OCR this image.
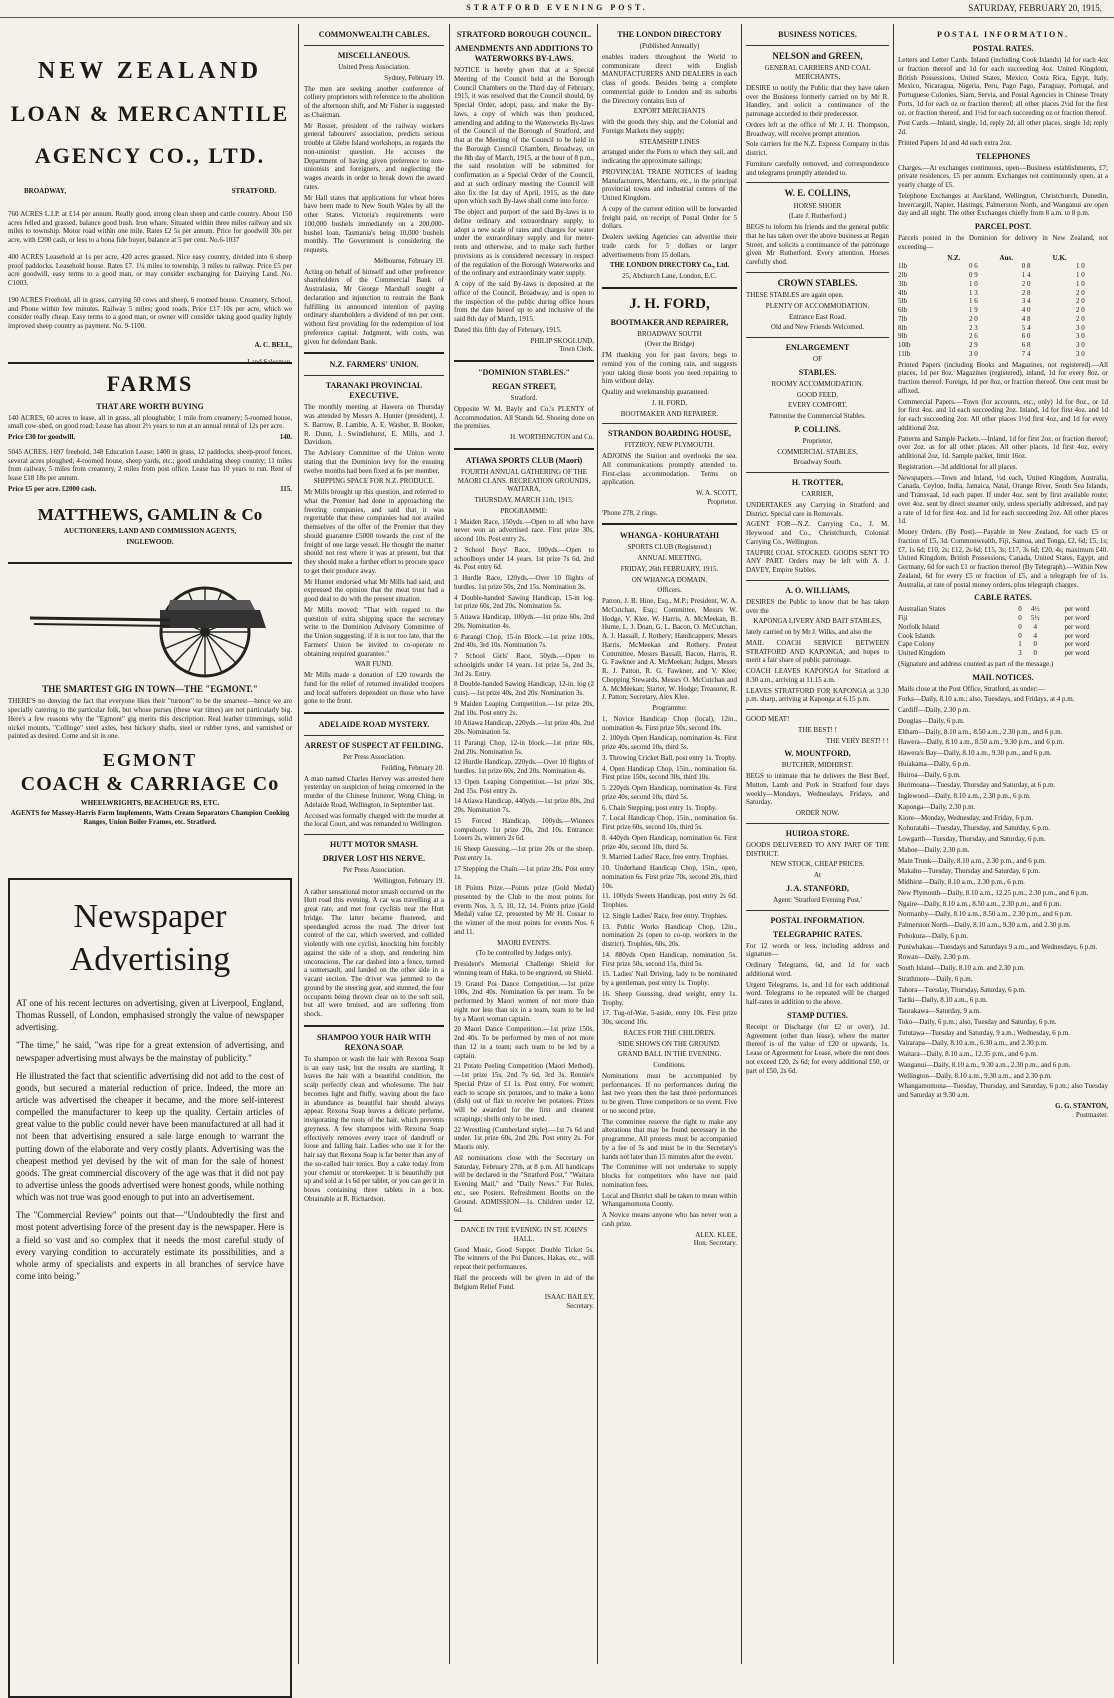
STRATFORD EVENING POST.	SATURDAY, FEBRUARY 20, 1915.
NEW ZEALAND
LOAN & MERCANTILE
AGENCY CO., LTD.
BROADWAY,	STRATFORD.

760 ACRES L.I.P. at £14 per annum. Really good, strong clean sheep and cattle country. About 150 acres felled and grassed, balance good bush. Iron whare. Situated within three miles railway and six miles to township. Motor road within one mile. Rates £2 5s per annum. Price for goodwill 30s per acre, with £200 cash, or less to a bona fide buyer, balance at 5 per cent. No.6-1037

400 ACRES Leasehold at 1s per acre, 420 acres grassed. Nice easy country, divided into 6 sheep proof paddocks. Leasehold house. Rates £7. 1¼ miles to township, 3 miles to railway. Price £5 per acre goodwill, easy terms to a good man, or may consider exchanging for Dairying Land. No. C1003.

190 ACRES Freehold, all in grass, carrying 50 cows and sheep, 6 roomed house. Creamery, School, and Phone within few minutes. Railway 5 miles; good roads. Price £17 10s per acre, which we consider really cheap. Easy terms to a good man, or owner will consider taking good quality lightly improved sheep country as payment. No. 9-1100.

A. C. BELL,
Land Salesman.
FARMS
THAT ARE WORTH BUYING

140 ACRES, 60 acres to lease, all in grass, all ploughable; 1 mile from creamery; 5-roomed house, small cow-shed, on good road; Lease has about 2½ years to run at an annual rental of 12s per acre.

Price £30 for goodwill.	140.

5045 ACRES, 1697 freehold, 348 Education Lease; 1400 in grass, 12 paddocks, sheep-proof fences, several acres ploughed; 4-roomed house, sheep yards, etc.; good undulating sheep country; 11 miles from railway, 5 miles from creamery, 2 miles from post office. Lease has 10 years to run. Rent of lease £18 18s per annum.

Price £5 per acre. £2000 cash.	115.
MATTHEWS, GAMLIN & Co
AUCTIONEERS, LAND AND COMMISSION AGENTS,
INGLEWOOD.
THE SMARTEST GIG IN TOWN—THE "EGMONT."

THERE'S no denying the fact that everyone likes their "turnout" to be the smartest—hence we are specially catering to the particular folk, but whose purses (these war times) are not particularly big. Here's a few reasons why the "Egmont" gig merits this description: Real leather trimmings, solid nickel mounts, "Collinge" steel axles, best hickory shafts, steel or rubber tyres, and varnished or painted as desired. Come and sit in one.

EGMONT
COACH & CARRIAGE Co
WHEELWRIGHTS, BEACHEUGE RS, ETC.
AGENTS for Massey-Harris Farm Implements, Watts Cream Separators Champion Cooking Ranges, Union Boiler Frames, etc. Stratford.
Newspaper
Advertising

AT one of his recent lectures on advertising, given at Liverpool, England, Thomas Russell, of London, emphasised strongly the value of newspaper advertising.

"The time," he said, "was ripe for a great extension of advertising, and newspaper advertising must always be the mainstay of publicity."

He illustrated the fact that scientific advertising did not add to the cost of goods, but secured a material reduction of price. Indeed, the more an article was advertised the cheaper it became, and the more self-interest compelled the manufacturer to keep up the quality. Certain articles of great value to the public could never have been manufactured at all had it not been that advertising ensured a sale large enough to warrant the putting down of the elaborate and very costly plants. Advertising was the cheapest method yet devised by the wit of man for the sale of honest goods. The great commercial discovery of the age was that it did not pay to advertise unless the goods advertised were honest goods, while nothing which was not true was good enough to put into an advertisement.

The "Commercial Review" points out that—"Undoubtedly the first and most potent advertising force of the present day is the newspaper. Here is a field so vast and so complex that it needs the most careful study of every varying condition to accurately estimate its possibilities, and a whole army of specialists and experts in all branches of service have come into being."

COMMONWEALTH CABLES.
MISCELLANEOUS.
United Press Association.
Sydney, February 19.

The men are seeking another conference of colliery proprietors with reference to the abolition of the afternoon shift, and Mr Fisher is suggested as Chairman.

Mr Rosser, president of the railway workers general labourers' association, predicts serious trouble at Glebe Island workshops, as regards the non-unionist question. He accuses the Department of having given preference to non-unionists and foreigners, and neglecting the wages awards in order to break down the award rates.

Mr Hall states that applications for wheat bores have been made to New South Wales by all the other States. Victoria's requirements were 100,000 bushels immediately on a 200,000-bushel loan, Tasmania's being 10,000 bushels monthly. The Government is considering the requests.

Melbourne, February 19.

Acting on behalf of himself and other preference shareholders of the Commercial Bank of Australasia, Mr George Marshall sought a declaration and injunction to restrain the Bank fulfilling its announced intention of paying ordinary shareholders a dividend of ten per cent. without first providing for the redemption of lost preference capital. Judgment, with costs, was given for defendant Bank.

N.Z. FARMERS' UNION.
TARANAKI PROVINCIAL EXECUTIVE.

The monthly meeting at Hawera on Thursday was attended by Messrs A. Hunter (president), J. S. Barrow, R. Lambie, A. E. Washer, B. Booker, R. Dunn, J. Swindlehurst, E. Mills, and J. Davidson.

The Advisory Committee of the Union wrote stating that the Dominion levy for the ensuing twelve months had been fixed at 6s per member.

SHIPPING SPACE FOR N.Z. PRODUCE.

Mr Mills brought up this question, and referred to what the Premier had done in approaching the freezing companies, and said that it was regrettable that these companies had not availed themselves of the offer of the Premier that they should guarantee £5000 towards the cost of the freight of one large vessel. He thought the matter should not rest where it was at present, but that they should make a further effort to procure space to get their produce away.

Mr Hunter endorsed what Mr Mills had said, and expressed the opinion that the meat trust had a good deal to do with the present situation.

Mr Mills moved: "That with regard to the question of extra shipping space the secretary write to the Dominion Advisory Committee of the Union suggesting, if it is not too late, that the Farmers' Union be invited to co-operate re obtaining required guarantee."

WAR FUND.

Mr Mills made a donation of £20 towards the fund for the relief of returned invalided troopers and local sufferers dependent on those who have gone to the front.

ADELAIDE ROAD MYSTERY.
ARREST OF SUSPECT AT FEILDING.
Per Press Association.
Feilding, February 20.

A man named Charles Hervey was arrested here yesterday on suspicion of being concerned in the murder of the Chinese fruiterer, Wong Ching, in Adelaide Road, Wellington, in September last.

Accused was formally charged with the murder at the local Court, and was remanded to Wellington.

HUTT MOTOR SMASH.
DRIVER LOST HIS NERVE.
Per Press Association.
Wellington, February 19.

A rather sensational motor smash occurred on the Hutt road this evening. A car was travelling at a great rate, and met four cyclists near the Hutt bridge. The latter became flustered, and speedangled across the road. The driver lost control of the car, which swerved, and collided violently with one cyclist, knocking him forcibly against the side of a shop, and rendering him unconscious. The car dashed into a fence, turned a somersault, and landed on the other side in a vacant section. The driver was jammed to the ground by the steering gear, and stunned, the four occupants being thrown clear on to the soft soil, but all were bruised, and are suffering from shock.

SHAMPOO YOUR HAIR WITH REXONA SOAP.

To shampoo or wash the hair with Rexona Soap is an easy task, but the results are startling. It leaves the hair with a beautiful condition, the scalp perfectly clean and wholesome. The hair becomes light and fluffy, waving about the face in abundance as beautiful hair should always appear. Rexona Soap leaves a delicate perfume, invigorating the roots of the hair, which prevents greyness. A few shampoos with Rexona Soap effectively removes every trace of dandruff or loose and falling hair. Ladies who use it for the hair say that Rexona Soap is far better than any of the so-called hair tonics. Buy a cake today from your chemist or storekeeper. It is beautifully put up and sold at 1s 6d per tablet, or you can get it in boxes containing three tablets in a box. Obtainable at R. Richardson.

STRATFORD BOROUGH COUNCIL.
AMENDMENTS AND ADDITIONS TO WATERWORKS BY-LAWS.

NOTICE is hereby given that at a Special Meeting of the Council held at the Borough Council Chambers on the Third day of February, 1915, it was resolved that the Council should, by Special Order, adopt, pass, and make the By-laws, a copy of which was then produced, amending and adding to the Waterworks By-laws of the Council of the Borough of Stratford, and that at the Meeting of the Council to be held in the Borough Council Chambers, Broadway, on the 8th day of March, 1915, at the hour of 8 p.m., the said resolution will be submitted for confirmation as a Special Order of the Council, and at such ordinary meeting the Council will also fix the 1st day of April, 1915, as the date upon which such By-laws shall come into force.

The object and purport of the said By-laws is to define ordinary and extraordinary supply, to adopt a new scale of rates and charges for water under the extraordinary supply and for meter-rents and otherwise, and to make such further provisions as is considered necessary in respect of the regulation of the Borough Waterworks and of the ordinary and extraordinary water supply.

A copy of the said By-laws is deposited at the office of the Council, Broadway, and is open to the inspection of the public during office hours from the date hereof up to and inclusive of the said 8th day of March, 1915.

Dated this fifth day of February, 1915.

PHILIP SKOGLUND,
Town Clerk.
"DOMINION STABLES."
REGAN STREET,
Stratford.

Opposite W. M. Bayly and Co.'s PLENTY of Accommodation. All Stands 6d. Shoeing done on the premises.

H. WORTHINGTON and Co.
ATIAWA SPORTS CLUB (Maori)
FOURTH ANNUAL GATHERING OF THE MAORI CLANS. RECREATION GROUNDS, WAITARA,
THURSDAY, MARCH 11th, 1915.
PROGRAMME:

1 Maiden Race, 150yds.—Open to all who have never won an advertised race. First prize 30s, second 10s. Post entry 2s.

2 School Boys' Race, 100yds.—Open to schoolboys under 14 years. 1st prize 7s 6d, 2nd 4s. Post entry 6d.

3 Hurdle Race, 120yds.—Over 10 flights of hurdles. 1st prize 50s, 2nd 15s. Nomination 3s.

4 Double-handed Sawing Handicap, 15-in log. 1st prize 60s, 2nd 20s. Nomination 5s.

5 Atiawa Handicap, 100yds.—1st prize 60s, 2nd 20s. Nomination 4s.

6 Parangi Chop, 15-in Block.—1st prize 100s, 2nd 40s, 3rd 10s. Nomination 7s.

7 School Girls' Race, 50yds.—Open to schoolgirls under 14 years. 1st prize 5s, 2nd 3s, 3rd 2s. Entry.

8 Double-handed Sawing Handicap, 12-in. log (2 cuts).—1st prize 40s, 2nd 20s. Nomination 3s.

9 Maiden Leaping Competition.—1st prize 20s, 2nd 10s. Post entry 2s.

10 Atiawa Handicap, 220yds.—1st prize 40s, 2nd 20s. Nomination 5s.

11 Parangi Chop, 12-in block.—1st prize 60s, 2nd 20s. Nomination 5s.

12 Hurdle Handicap, 220yds.—Over 10 flights of hurdles. 1st prize 60s, 2nd 20s. Nomination 4s.

13 Open Leaping Competition.—1st prize 30s, 2nd 15s. Post entry 2s.

14 Atiawa Handicap, 440yds.—1st prize 80s, 2nd 20s. Nomination 7s.

15 Forced Handicap, 100yds.—Winners compulsory. 1st prize 20s, 2nd 10s. Entrance: Losers 2s, winners 2s 6d.

16 Sheep Guessing.—1st prize 20s or the sheep. Post entry 1s.

17 Stepping the Chain.—1st prize 20s. Post entry 1s.

18 Points Prize.—Points prize (Gold Medal) presented by the Club to the most points for events Nos. 3, 5, 10, 12, 14. Points prize (Gold Medal) value £2, presented by Mr H. Cossar to the winner of the most points for events Nos. 6 and 11.

MAORI EVENTS.
(To be controlled by Judges only).

President's Memorial Challenge Shield for winning team of Haka, to be engraved, on Shield.

19 Grand Poi Dance Competition.—1st prize 100s, 2nd 40s. Nomination 6s per team. To be performed by Maori women of not more than eight nor less than six in a team, team to be led by a Maori woman captain.

20 Maori Dance Competition.—1st prize 150s, 2nd 40s. To be performed by men of not more than 12 in a team; each team to be led by a captain.

21 Potato Peeling Competition (Maori Method).—1st prize 15s, 2nd 7s 6d, 3rd 3s. Rennie's Special Prize of £1 1s. Post entry. For women; each to scrape six potatoes, and to make a kono (dish) out of flax to receive her potatoes. Prizes will be awarded for the first and cleanest scrapings; shells only to be used.

22 Wrestling (Cumberland style).—1st 7s 6d and under. 1st prize 60s, 2nd 20s. Post entry 2s. For Maoris only.

All nominations close with the Secretary on Saturday, February 27th, at 8 p.m. All handicaps will be declared in the "Stratford Post," "Waitara Evening Mail," and "Daily News." For Rules, etc., see Posters. Refreshment Booths on the Ground. ADMISSION—1s. Children under 12, 6d.

DANCE IN THE EVENING IN ST. JOHN'S HALL.

Good Music, Good Supper. Double Ticket 5s. The winners of the Poi Dances, Hakas, etc., will repeat their performances.

Half the proceeds will be given in aid of the Belgium Relief Fund.

ISAAC BAILEY,
Secretary.
THE LONDON DIRECTORY
(Published Annually)

enables traders throughout the World to communicate direct with English MANUFACTURERS AND DEALERS in each class of goods. Besides being a complete commercial guide to London and its suburbs the Directory contains lists of

EXPORT MERCHANTS

with the goods they ship, and the Colonial and Foreign Markets they supply;

STEAMSHIP LINES

arranged under the Ports to which they sail, and indicating the approximate sailings;

PROVINCIAL TRADE NOTICES of leading Manufacturers, Merchants, etc., in the principal provincial towns and industrial centres of the United Kingdom.

A copy of the current edition will be forwarded freight paid, on receipt of Postal Order for 5 dollars.

Dealers seeking Agencies can advertise their trade cards for 5 dollars or larger advertisements from 15 dollars.

THE LONDON DIRECTORY Co., Ltd.
25, Abchurch Lane, London, E.C.
J. H. FORD,
BOOTMAKER AND REPAIRER,
BROADWAY SOUTH
(Over the Bridge)

I'M thanking you for past favors, begs to remind you of the coming rain, and suggests your taking those boots you need repairing to him without delay.

Quality and workmanship guaranteed.

J. H. FORD,
BOOTMAKER AND REPAIRER.
STRANDON BOARDING HOUSE,
FITZROY, NEW PLYMOUTH.

ADJOINS the Station and overlooks the sea. All communications promptly attended to. First-class accommodation. Terms on application.

W. A. SCOTT,
Proprietor.

'Phone 278, 2 rings.

WHANGA - KOHURATAHI
SPORTS CLUB (Registered.)
ANNUAL MEETING,
FRIDAY, 26th FEBRUARY, 1915.
ON WHANGA DOMAIN.
Officers.

Patron, J. B. Hine, Esq., M.P.; President, W. A. McCutchan, Esq.; Committee, Messrs W. Hodge, V. Klee, W. Harris, A. McMeekan, B. Hume, L. J. Doan, G. L. Bacon, O. McCutchan, A. J. Hassall, J. Rothery; Handicappers, Messrs Harris, McMeekan and Rothery. Protest Committee, Messrs Bassall, Bacon, Harris, R. G. Fawkner and A. McMeekan; Judges, Messrs R. J. Patton, R. G. Fawkner, and V. Klee; Chopping Stewards, Messrs O. McCutchan and A. McMeekan; Starter, W. Hodge; Treasurer, R. J. Patton; Secretary, Alex Klee.

Programme:

1. Novice Handicap Chop (local), 12in., nomination 4s. First prize 50s, second 10s.

2. 100yds Open Handicap, nomination 4s. First prize 40s, second 10s, third 5s.

3. Throwing Cricket Ball, post entry 1s. Trophy.

4. Open Handicap Chop, 15in., nomination 6s. First prize 150s, second 30s, third 10s.

5. 220yds Open Handicap, nomination 4s. First prize 40s, second 10s, third 5s.

6. Chain Stepping, post entry 1s. Trophy.

7. Local Handicap Chop, 15in., nomination 6s. First prize 60s, second 10s, third 5s.

8. 440yds Open Handicap, nomination 6s. First prize 40s, second 10s, third 5s.

9. Married Ladies' Race, free entry. Trophies.

10. Underhand Handicap Chop, 15in., open, nomination 6s. First prize 70s, second 20s, third 10s.

11. 100yds Sweets Handicap, post entry 2s 6d. Trophies.

12. Single Ladies' Race, free entry. Trophies.

13. Public Works Handicap Chop, 12in., nomination 2s (open to co-op. workers in the district). Trophies, 60s, 20s.

14. 880yds Open Handicap, nomination 5s. First prize 50s, second 15s, third 5s.

15. Ladies' Nail Driving, lady to be nominated by a gentleman, post entry 1s. Trophy.

16. Sheep Guessing, dead weight, entry 1s. Trophy.

17. Tug-of-War, 5-aside, entry 10s. First prize 30s, second 10s.

RACES FOR THE CHILDREN.
SIDE SHOWS ON THE GROUND.
GRAND BALL IN THE EVENING.
Conditions.

Nominations must be accompanied by performances. If no performances during the last two years then the last three performances to be given. Three competitors or no event. Five or no second prize.

The committee reserve the right to make any alterations that may be found necessary in the programme. All protests must be accompanied by a fee of 5s and must be in the Secretary's hands not later than 15 minutes after the event.

The Committee will not undertake to supply blocks for competitors who have not paid nomination fees.

Local and District shall be taken to mean within Whangamomona County.

A Novice means anyone who has never won a cash prize.

ALEX. KLEE,
Hon. Secretary.
BUSINESS NOTICES.
NELSON and GREEN,
GENERAL CARRIERS AND COAL MERCHANTS,

DESIRE to notify the Public that they have taken over the Business formerly carried on by Mr R. Handley, and solicit a continuance of the patronage accorded to their predecessor.

Orders left at the office of Mr J. H. Thompson, Broadway, will receive prompt attention.

Sole carriers for the N.Z. Express Company in this district.

Furniture carefully removed, and correspondence and telegrams promptly attended to.

W. E. COLLINS,
HORSE SHOER
(Late J. Rutherford.)

BEGS to inform his friends and the general public that he has taken over the above business at Regan Street, and solicits a continuance of the patronage given Mr Rutherford. Every attention. Horses carefully shod.

CROWN STABLES.

THESE STABLES are again open.

PLENTY OF ACCOMMODATION.
Entrance East Road.
Old and New Friends Welcomed.
ENLARGEMENT
OF
STABLES.
ROOMY ACCOMMODATION.
GOOD FEED.
EVERY COMFORT.
Patronise the Commercial Stables.
P. COLLINS.
Proprietor,
COMMERCIAL STABLES,
Broadway South.
H. TROTTER,
CARRIER,

UNDERTAKES any Carrying in Stratford and District. Special care in Removals.

AGENT FOR—N.Z. Carrying Co., J. M. Heywood and Co., Christchurch, Colonial Carrying Co., Wellington.

TAUPIRI COAL STOCKED. GOODS SENT TO ANY PART. Orders may be left with A. J. DAVEY, Empire Stables.

A. O. WILLIAMS,

DESIRES the Public to know that he has taken over the

KAPONGA LIVERY AND BAIT STABLES,

lately carried on by Mr J. Wilks, and also the

MAIL COACH SERVICE BETWEEN STRATFORD AND KAPONGA, and hopes to merit a fair share of public patronage.

COACH LEAVES KAPONGA for Stratford at 8.30 a.m., arriving at 11.15 a.m.

LEAVES STRATFORD FOR KAPONGA at 3.30 p.m. sharp, arriving at Kaponga at 6.15 p.m.

GOOD MEAT!

THE BEST! !
THE VERY BEST! ! !
W. MOUNTFORD,
BUTCHER, MIDHIRST.

BEGS to intimate that he delivers the Best Beef, Mutton, Lamb and Pork in Stratford four days weekly—Mondays, Wednesdays, Fridays, and Saturday.

ORDER NOW.
HUIROA STORE.

GOODS DELIVERED TO ANY PART OF THE DISTRICT.

NEW STOCK, CHEAP PRICES.
At
J. A. STANFORD,
Agent: 'Stratford Evening Post.'
POSTAL INFORMATION.
TELEGRAPHIC RATES.

For 12 words or less, including address and signature—

Ordinary Telegrams, 6d, and 1d for each additional word.

Urgent Telegrams, 1s, and 1d for each additional word. Telegrams to be repeated will be charged half-rates in addition to the above.

STAMP DUTIES.

Receipt or Discharge (for £2 or over), 1d. Agreement (other than lease), where the matter thereof is of the value of £20 or upwards, 1s. Lease or Agreement for Lease, where the rent does not exceed £20, 2s 6d; for every additional £50, or part of £50, 2s 6d.

POSTAL INFORMATION.
POSTAL RATES.

Letters and Letter Cards. Inland (including Cook Islands) 1d for each 4oz or fraction thereof and 1d for each succeeding 4oz. United Kingdom, British Possessions, United States, Mexico, Costa Rica, Egypt, Italy, Mexico, Nicaragua, Nigeria, Peru, Pago Pago, Paraguay, Portugal, and Portuguese Colonies, Siam, Servia, and Postal Agencies in Chinese Treaty Ports, 1d for each oz or fraction thereof; all other places 2½d for the first oz. or fraction thereof, and 1½d for each succeeding oz or fraction thereof.

Post Cards.—Inland, single, 1d, reply 2d; all other places, single 1d; reply 2d.

Printed Papers 1d and 4d each extra 2oz.

TELEPHONES

Charges.—At exchanges continuous, open—Business establishments, £7; private residences, £5 per annum. Exchanges not continuously open, at a yearly charge of £5.

Telephone Exchanges at Auckland, Wellington, Christchurch, Dunedin, Invercargill, Napier, Hastings, Palmerston North, and Wanganui are open day and all night. The other Exchanges chiefly from 8 a.m. to 8 p.m.

PARCEL POST.

Parcels posted in the Dominion for delivery in New Zealand, not exceeding—

	N.Z.	Aus.	U.K.
1lb	0 6	0 8	1 0
2lb	0 9	1 4	1 0
3lb	1 0	2 0	1 0
4lb	1 3	2 8	2 0
5lb	1 6	3 4	2 0
6lb	1 9	4 0	2 0
7lb	2 0	4 8	2 0
8lb	2 3	5 4	3 0
9lb	2 6	6 0	3 0
10lb	2 9	6 8	3 0
11lb	3 0	7 4	3 0

Printed Papers (including Books and Magazines, not registered).—All places, 1d per 8oz. Magazines (registered), inland, 1d for every 8oz. or fraction thereof. Foreign, 1d per 8oz, or fraction thereof. One cent must be affixed.

Commercial Papers.—Town (for accounts, etc., only) 1d for 8oz., or 1d for first 4oz. and 1d each succeeding 2oz. Inland, 1d for first 4oz. and 1d for each succeeding 2oz. All other places 1½d first 4oz, and 1d for every additional 2oz.

Patterns and Sample Packets.—Inland, 1d for first 2oz. or fraction thereof; over 2oz. as for all other places. All other places, 1d first 4oz, every additional 2oz, 1d. Sample packet, limit 16oz.

Registration.—3d additional for all places.

Newspapers.—Town and Inland, ½d each, United Kingdom, Australia, Canada, Ceylon, India, Jamaica, Natal, Orange River, South Sea Islands, and Transvaal, 1d each paper. If under 4oz. sent by first available route; over 4oz. sent by direct steamer only, unless specially addressed, and pay a rate of 1d for first 4oz. and 1d for each succeeding 2oz. All other places 1d.

Money Orders. (By Post).—Payable in New Zealand, for each £5 or fraction of £5, 3d. Commonwealth, Fiji, Samoa, and Tonga, £2, 6d; £5, 1s; £7, 1s 6d; £10, 2s; £12, 2s 6d; £15, 3s; £17, 3s 6d; £20, 4s; maximum £40. United Kingdom, British Possessions, Canada, United States, Egypt, and Germany, 6d for each £1 or fraction thereof (By Telegraph).—Within New Zealand, 6d for every £5 or fraction of £5, and a telegraph fee of 1s. Australia, at rate of postal money orders, plus telegraph charges.

CABLE RATES.
Australian States	0	4½	per word
Fiji	0	5½	per word
Norfolk Island	0	4	per word
Cook Islands	0	4	per word
Cape Colony	1	0	per word
United Kingdom	3	0	per word

(Signature and address counted as part of the message.)

MAIL NOTICES.

Mails close at the Post Office, Stratford, as under:—

Forks—Daily, 8.10 a.m.; also, Tuesdays, and Fridays, at 4 p.m.

Cardiff—Daily, 2.30 p.m.

Douglas—Daily, 6 p.m.

Eltham—Daily, 8.10 a.m., 8.50 a.m., 2.30 p.m., and 6 p.m.

Hawera—Daily, 8.10 a.m., 8.50 a.m., 9.30 p.m., and 6 p.m.

Hawera's Bay—Daily, 8.10 a.m., 9.30 p.m., and 6 p.m.

Huiakama—Daily, 6 p.m.

Huiroa—Daily, 6 p.m.

Hurimoana—Tuesday, Thursday and Saturday, at 6 p.m.

Inglewood—Daily, 8.10 a.m., 2.30 p.m., 6 p.m.

Kaponga—Daily, 2.30 p.m.

Kiore—Monday, Wednesday, and Friday, 6 p.m.

Kohuratahi—Tuesday, Thursday, and Saturday, 6 p.m.

Lowgarth—Tuesday, Thursday, and Saturday, 6 p.m.

Mahoe—Daily, 2.30 p.m.

Main Trunk—Daily, 8.10 a.m., 2.30 p.m., and 6 p.m.

Makahu—Tuesday, Thursday and Saturday, 6 p.m.

Midhirst—Daily, 8.10 a.m., 2.30 p.m., 6 p.m.

New Plymouth—Daily, 8.10 a.m., 12.25 p.m., 2.30 p.m., and 6 p.m.

Ngaire—Daily, 8.10 a.m., 8.50 a.m., 2.30 p.m., and 6 p.m.

Normanby—Daily, 8.10 a.m., 8.50 a.m., 2.30 p.m., and 6 p.m.

Palmerston North—Daily, 8.10 a.m., 9.30 a.m., and 2.30 p.m.

Pohokura—Daily, 6 p.m.

Puniwhakau—Tuesdays and Saturdays 9 a.m., and Wednesdays, 6 p.m.

Rowan—Daily, 2.30 p.m.

South Island—Daily, 8.10 a.m. and 2.30 p.m.

Strathmore—Daily, 6 p.m.

Tahora—Tuesday, Thursday, Saturday, 6 p.m.

Tariki—Daily, 8.10 a.m., 6 p.m.

Taurakawa—Saturday, 9 a.m.

Toko—Daily, 6 p.m.; also, Tuesday and Saturday, 6 p.m.

Tututawa—Tuesday and Saturday, 9 a.m.; Wednesday, 6 p.m.

Vairarapa—Daily, 8.10 a.m., 6.30 a.m., and 2.30 p.m.

Waitara—Daily, 8.10 a.m., 12.35 p.m., and 6 p.m.

Wanganui—Daily, 8.10 a.m., 9.30 a.m., 2.30 p.m., and 6 p.m.

Wellington—Daily, 8.10 a.m., 9.30 a.m., and 2.30 p.m.

Whangamomona—Tuesday, Thursday, and Saturday, 6 p.m.; also Tuesday and Saturday at 9.30 a.m.

G. G. STANTON,
Postmaster.
